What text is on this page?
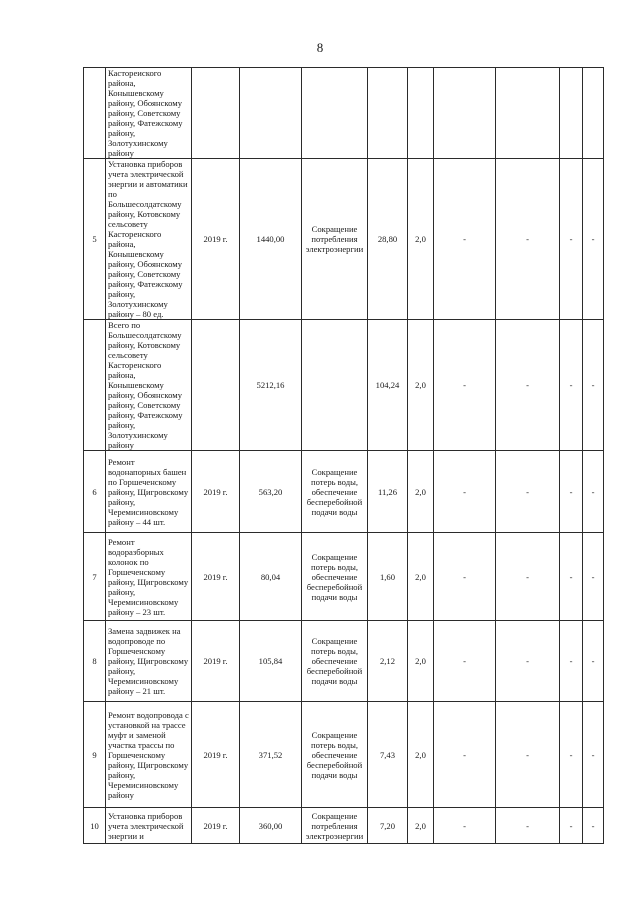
8
	Кастореиского района, Конышевскому району, Обоянскому району, Советскому району, Фатежскому району, Золотухинскому району									
5	Установка приборов учета электрической энергии и автоматики по Большесолдатскому району, Котовскому сельсовету Касторенского района, Конышевскому району, Обоянскому району, Советскому району, Фатежскому району, Золотухинскому району – 80 ед.	2019 г.	1440,00	Сокращение потребления электроэнергии	28,80	2,0	-	-	-	-
	Всего по Большесолдатскому району, Котовскому сельсовету Касторенского района, Конышевскому району, Обоянскому району, Советскому району, Фатежскому району, Золотухинскому району		5212,16		104,24	2,0	-	-	-	-
6	Ремонт водонапорных башен по Горшеченскому району, Щигровскому району, Черемисиновскому району – 44 шт.	2019 г.	563,20	Сокращение потерь воды, обеспечение бесперебойной подачи воды	11,26	2,0	-	-	-	-
7	Ремонт водоразборных колонок по Горшеченскому району, Щигровскому району, Черемисиновскому району – 23 шт.	2019 г.	80,04	Сокращение потерь воды, обеспечение бесперебойной подачи воды	1,60	2,0	-	-	-	-
8	Замена задвижек на водопроводе по Горшеченскому району, Щигровскому району, Черемисиновскому району – 21 шт.	2019 г.	105,84	Сокращение потерь воды, обеспечение бесперебойной подачи воды	2,12	2,0	-	-	-	-
9	Ремонт водопровода с установкой на трассе муфт и заменой участка трассы по Горшеченскому району, Щигровскому району, Черемисиновскому району	2019 г.	371,52	Сокращение потерь воды, обеспечение бесперебойной подачи воды	7,43	2,0	-	-	-	-
10	Установка приборов учета электрической энергии и	2019 г.	360,00	Сокращение потребления электроэнергии	7,20	2,0	-	-	-	-
